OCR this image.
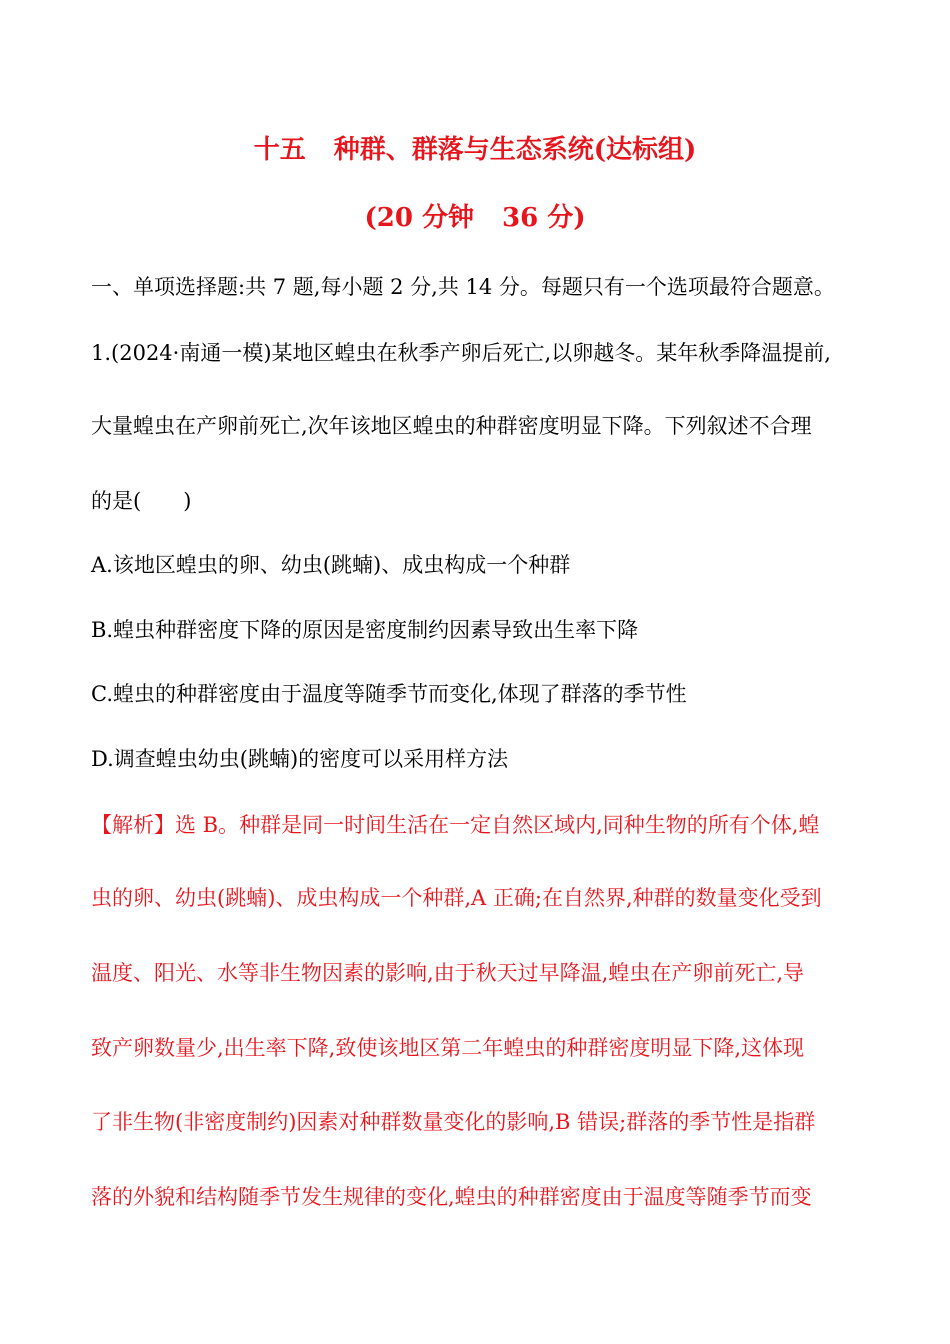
十五 种群、群落与生态系统(达标组)
(20 分钟 36 分)
一、单项选择题:共 7 题,每小题 2 分,共 14 分。每题只有一个选项最符合题意。
1.(2024·南通一模)某地区蝗虫在秋季产卵后死亡,以卵越冬。某年秋季降温提前,
大量蝗虫在产卵前死亡,次年该地区蝗虫的种群密度明显下降。下列叙述不合理
的是(　　)
A.该地区蝗虫的卵、幼虫(跳蝻)、成虫构成一个种群
B.蝗虫种群密度下降的原因是密度制约因素导致出生率下降
C.蝗虫的种群密度由于温度等随季节而变化,体现了群落的季节性
D.调查蝗虫幼虫(跳蝻)的密度可以采用样方法
【解析】选 B。种群是同一时间生活在一定自然区域内,同种生物的所有个体,蝗
虫的卵、幼虫(跳蝻)、成虫构成一个种群,A 正确;在自然界,种群的数量变化受到
温度、阳光、水等非生物因素的影响,由于秋天过早降温,蝗虫在产卵前死亡,导
致产卵数量少,出生率下降,致使该地区第二年蝗虫的种群密度明显下降,这体现
了非生物(非密度制约)因素对种群数量变化的影响,B 错误;群落的季节性是指群
落的外貌和结构随季节发生规律的变化,蝗虫的种群密度由于温度等随季节而变
